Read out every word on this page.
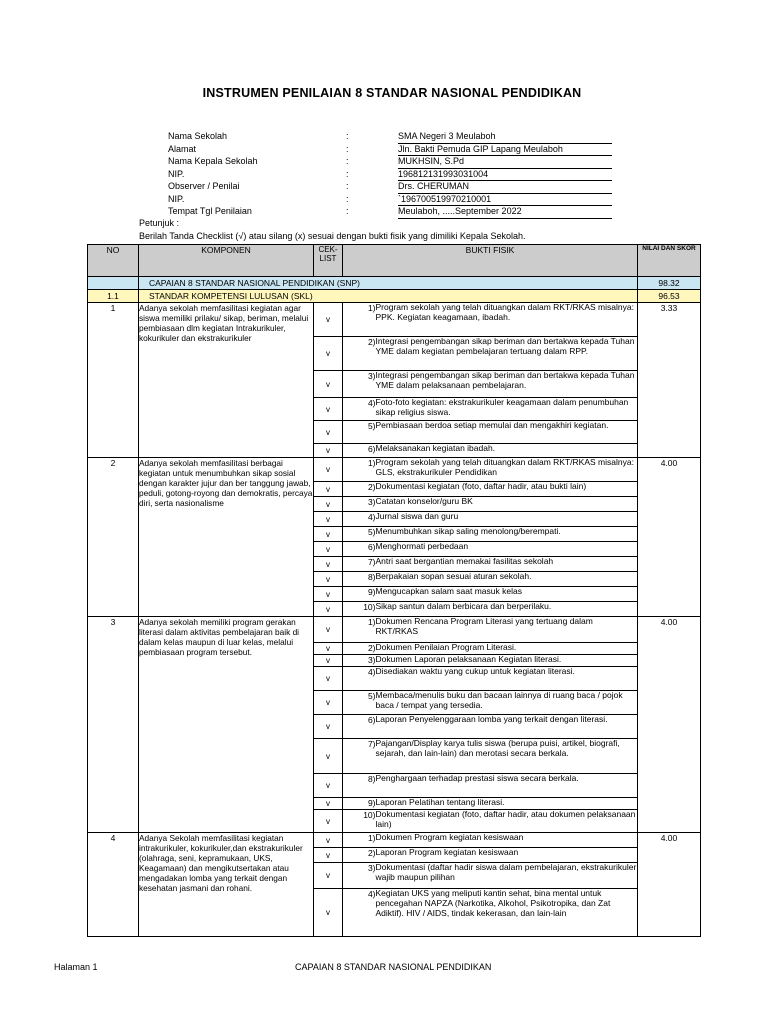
INSTRUMEN PENILAIAN 8 STANDAR NASIONAL PENDIDIKAN
Nama Sekolah	:	SMA Negeri 3 Meulaboh
Alamat	:	Jln. Bakti Pemuda GIP Lapang Meulaboh
Nama Kepala Sekolah	:	MUKHSIN, S.Pd
NIP.	:	196812131993031004
Observer / Penilai	:	Drs. CHERUMAN
NIP.	:	`196700519970210001
Tempat Tgl Penilaian	:	Meulaboh, .....September 2022
Petunjuk :
Berilah Tanda Checklist (√) atau silang (x) sesuai dengan bukti fisik yang dimiliki Kepala Sekolah.
NO	KOMPONEN	CEK-LIST	BUKTI FISIK		NILAI DAN SKOR
	CAPAIAN 8 STANDAR NASIONAL PENDIDIKAN (SNP)				98.32
1.1	STANDAR KOMPETENSI LULUSAN (SKL)				96.53
1	Adanya sekolah memfasilitasi kegiatan agar siswa memiliki prilaku/ sikap, beriman, melalui pembiasaan dlm kegiatan Intrakurikuler, kokurikuler dan ekstrakurikuler	v	1)	Program sekolah yang telah dituangkan dalam RKT/RKAS misalnya: PPK. Kegiatan keagamaan, ibadah.	3.33
		v	2)	Integrasi pengembangan sikap beriman dan bertakwa kepada Tuhan YME dalam kegiatan pembelajaran tertuang dalam RPP.	
		v	3)	Integrasi pengembangan sikap beriman dan bertakwa kepada Tuhan YME dalam pelaksanaan pembelajaran.	
		v	4)	Foto-foto kegiatan: ekstrakurikuler keagamaan dalam penumbuhan sikap religius siswa.	
		v	5)	Pembiasaan berdoa setiap memulai dan mengakhiri kegiatan.	
		v	6)	Melaksanakan kegiatan ibadah.	
2	Adanya sekolah memfasilitasi berbagai kegiatan untuk menumbuhkan sikap sosial dengan karakter jujur dan ber tanggung jawab, peduli, gotong-royong dan demokratis, percaya diri, serta nasionalisme	v	1)	Program sekolah yang telah dituangkan dalam RKT/RKAS misalnya: GLS, ekstrakurikuler Pendidikan	4.00
		v	2)	Dokumentasi kegiatan (foto, daftar hadir, atau bukti lain)	
		v	3)	Catatan konselor/guru BK	
		v	4)	Jurnal siswa dan guru	
		v	5)	Menumbuhkan sikap saling menolong/berempati.	
		v	6)	Menghormati perbedaan	
		v	7)	Antri saat bergantian memakai fasilitas sekolah	
		v	8)	Berpakaian sopan sesuai aturan sekolah.	
		v	9)	Mengucapkan salam saat masuk kelas	
		v	10)	Sikap santun dalam berbicara dan berperilaku.	
3	Adanya sekolah memiliki program gerakan literasi dalam aktivitas pembelajaran baik di dalam kelas maupun di luar kelas, melalui pembiasaan program tersebut.	v	1)	Dokumen Rencana Program Literasi yang tertuang dalam RKT/RKAS	4.00
		v	2)	Dokumen Penilaian Program Literasi.	
		v	3)	Dokumen Laporan pelaksanaan Kegiatan literasi.	
		v	4)	Disediakan waktu yang cukup untuk kegiatan literasi.	
		v	5)	Membaca/menulis buku dan bacaan lainnya di ruang baca / pojok baca / tempat yang tersedia.	
		v	6)	Laporan Penyelenggaraan lomba yang terkait dengan literasi.	
		v	7)	Pajangan/Display karya tulis siswa (berupa puisi, artikel, biografi, sejarah, dan lain-lain) dan merotasi secara berkala.	
		v	8)	Penghargaan terhadap prestasi siswa secara berkala.	
		v	9)	Laporan Pelatihan tentang literasi.	
		v	10)	Dokumentasi kegiatan (foto, daftar hadir, atau dokumen pelaksanaan lain)	
4	Adanya Sekolah memfasilitasi kegiatan intrakurikuler, kokurikuler,dan ekstrakurikuler (olahraga, seni, kepramukaan, UKS, Keagamaan) dan mengikutsertakan atau mengadakan lomba yang terkait dengan kesehatan jasmani dan rohani.	v	1)	Dokumen Program kegiatan kesiswaan	4.00
		v	2)	Laporan Program kegiatan kesiswaan	
		v	3)	Dokumentasi (daftar hadir siswa dalam pembelajaran, ekstrakurikuler wajib maupun pilihan	
		v	4)	Kegiatan UKS yang meliputi kantin sehat, bina mental untuk pencegahan NAPZA (Narkotika, Alkohol, Psikotropika, dan Zat Adiktif). HIV / AIDS, tindak kekerasan, dan lain-lain	
Halaman 1	CAPAIAN 8 STANDAR NASIONAL PENDIDIKAN
